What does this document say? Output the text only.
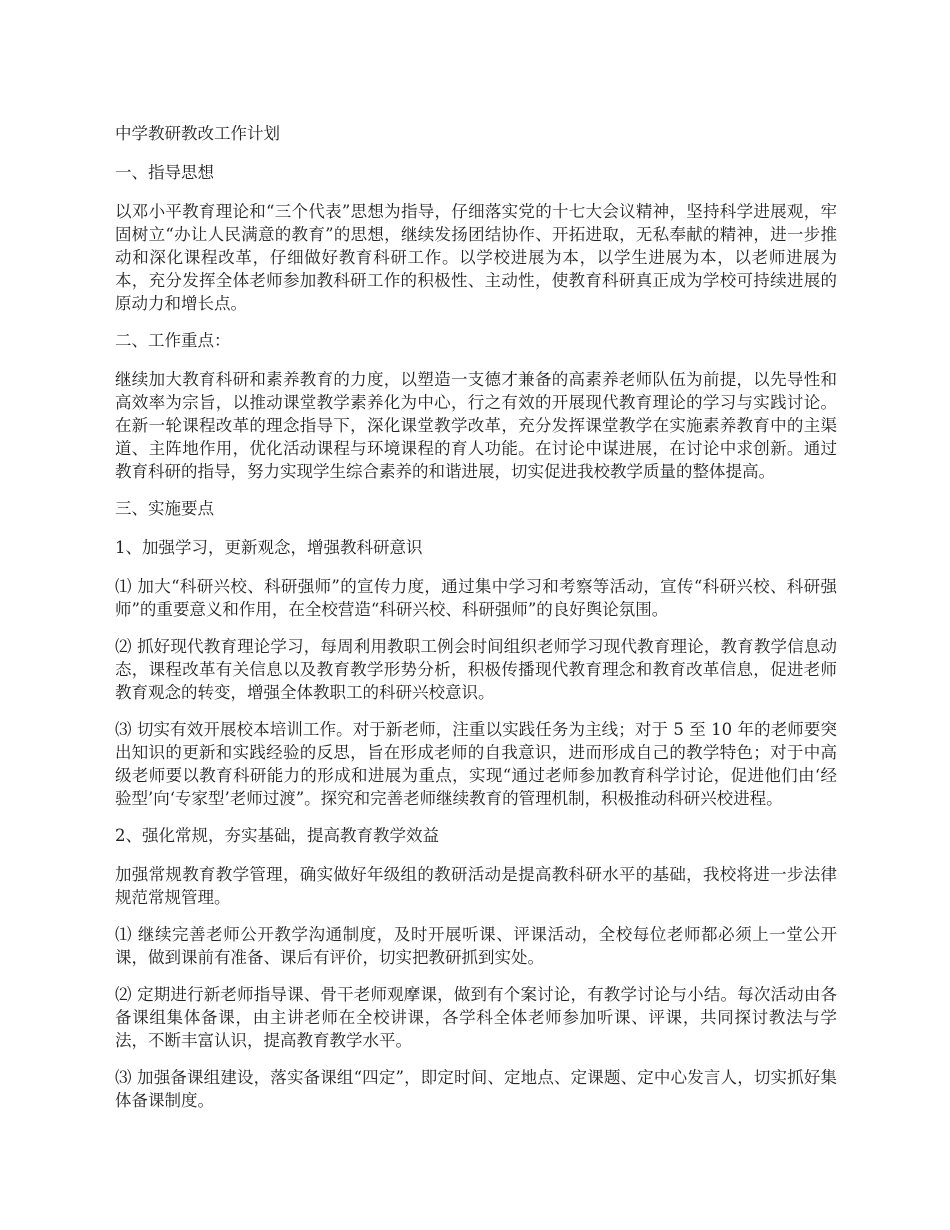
中学教研教改工作计划

一、指导思想

以邓小平教育理论和“三个代表”思想为指导，仔细落实党的十七大会议精神，坚持科学进展观，牢固树立“办让人民满意的教育”的思想，继续发扬团结协作、开拓进取，无私奉献的精神，进一步推动和深化课程改革，仔细做好教育科研工作。以学校进展为本，以学生进展为本，以老师进展为本，充分发挥全体老师参加教科研工作的积极性、主动性，使教育科研真正成为学校可持续进展的原动力和增长点。

二、工作重点：

继续加大教育科研和素养教育的力度，以塑造一支德才兼备的高素养老师队伍为前提，以先导性和高效率为宗旨，以推动课堂教学素养化为中心，行之有效的开展现代教育理论的学习与实践讨论。在新一轮课程改革的理念指导下，深化课堂教学改革，充分发挥课堂教学在实施素养教育中的主渠道、主阵地作用，优化活动课程与环境课程的育人功能。在讨论中谋进展，在讨论中求创新。通过教育科研的指导，努力实现学生综合素养的和谐进展，切实促进我校教学质量的整体提高。

三、实施要点

1、加强学习，更新观念，增强教科研意识

⑴ 加大“科研兴校、科研强师”的宣传力度，通过集中学习和考察等活动，宣传“科研兴校、科研强师”的重要意义和作用，在全校营造“科研兴校、科研强师”的良好舆论氛围。

⑵ 抓好现代教育理论学习，每周利用教职工例会时间组织老师学习现代教育理论，教育教学信息动态，课程改革有关信息以及教育教学形势分析，积极传播现代教育理念和教育改革信息，促进老师教育观念的转变，增强全体教职工的科研兴校意识。

⑶ 切实有效开展校本培训工作。对于新老师，注重以实践任务为主线；对于 5 至 10 年的老师要突出知识的更新和实践经验的反思，旨在形成老师的自我意识，进而形成自己的教学特色；对于中高级老师要以教育科研能力的形成和进展为重点，实现“通过老师参加教育科学讨论，促进他们由‘经验型’向‘专家型’老师过渡”。探究和完善老师继续教育的管理机制，积极推动科研兴校进程。

2、强化常规，夯实基础，提高教育教学效益

加强常规教育教学管理，确实做好年级组的教研活动是提高教科研水平的基础，我校将进一步法律规范常规管理。

⑴ 继续完善老师公开教学沟通制度，及时开展听课、评课活动，全校每位老师都必须上一堂公开课，做到课前有准备、课后有评价，切实把教研抓到实处。

⑵ 定期进行新老师指导课、骨干老师观摩课，做到有个案讨论，有教学讨论与小结。每次活动由各备课组集体备课，由主讲老师在全校讲课，各学科全体老师参加听课、评课，共同探讨教法与学法，不断丰富认识，提高教育教学水平。

⑶ 加强备课组建设，落实备课组“四定”，即定时间、定地点、定课题、定中心发言人，切实抓好集体备课制度。
